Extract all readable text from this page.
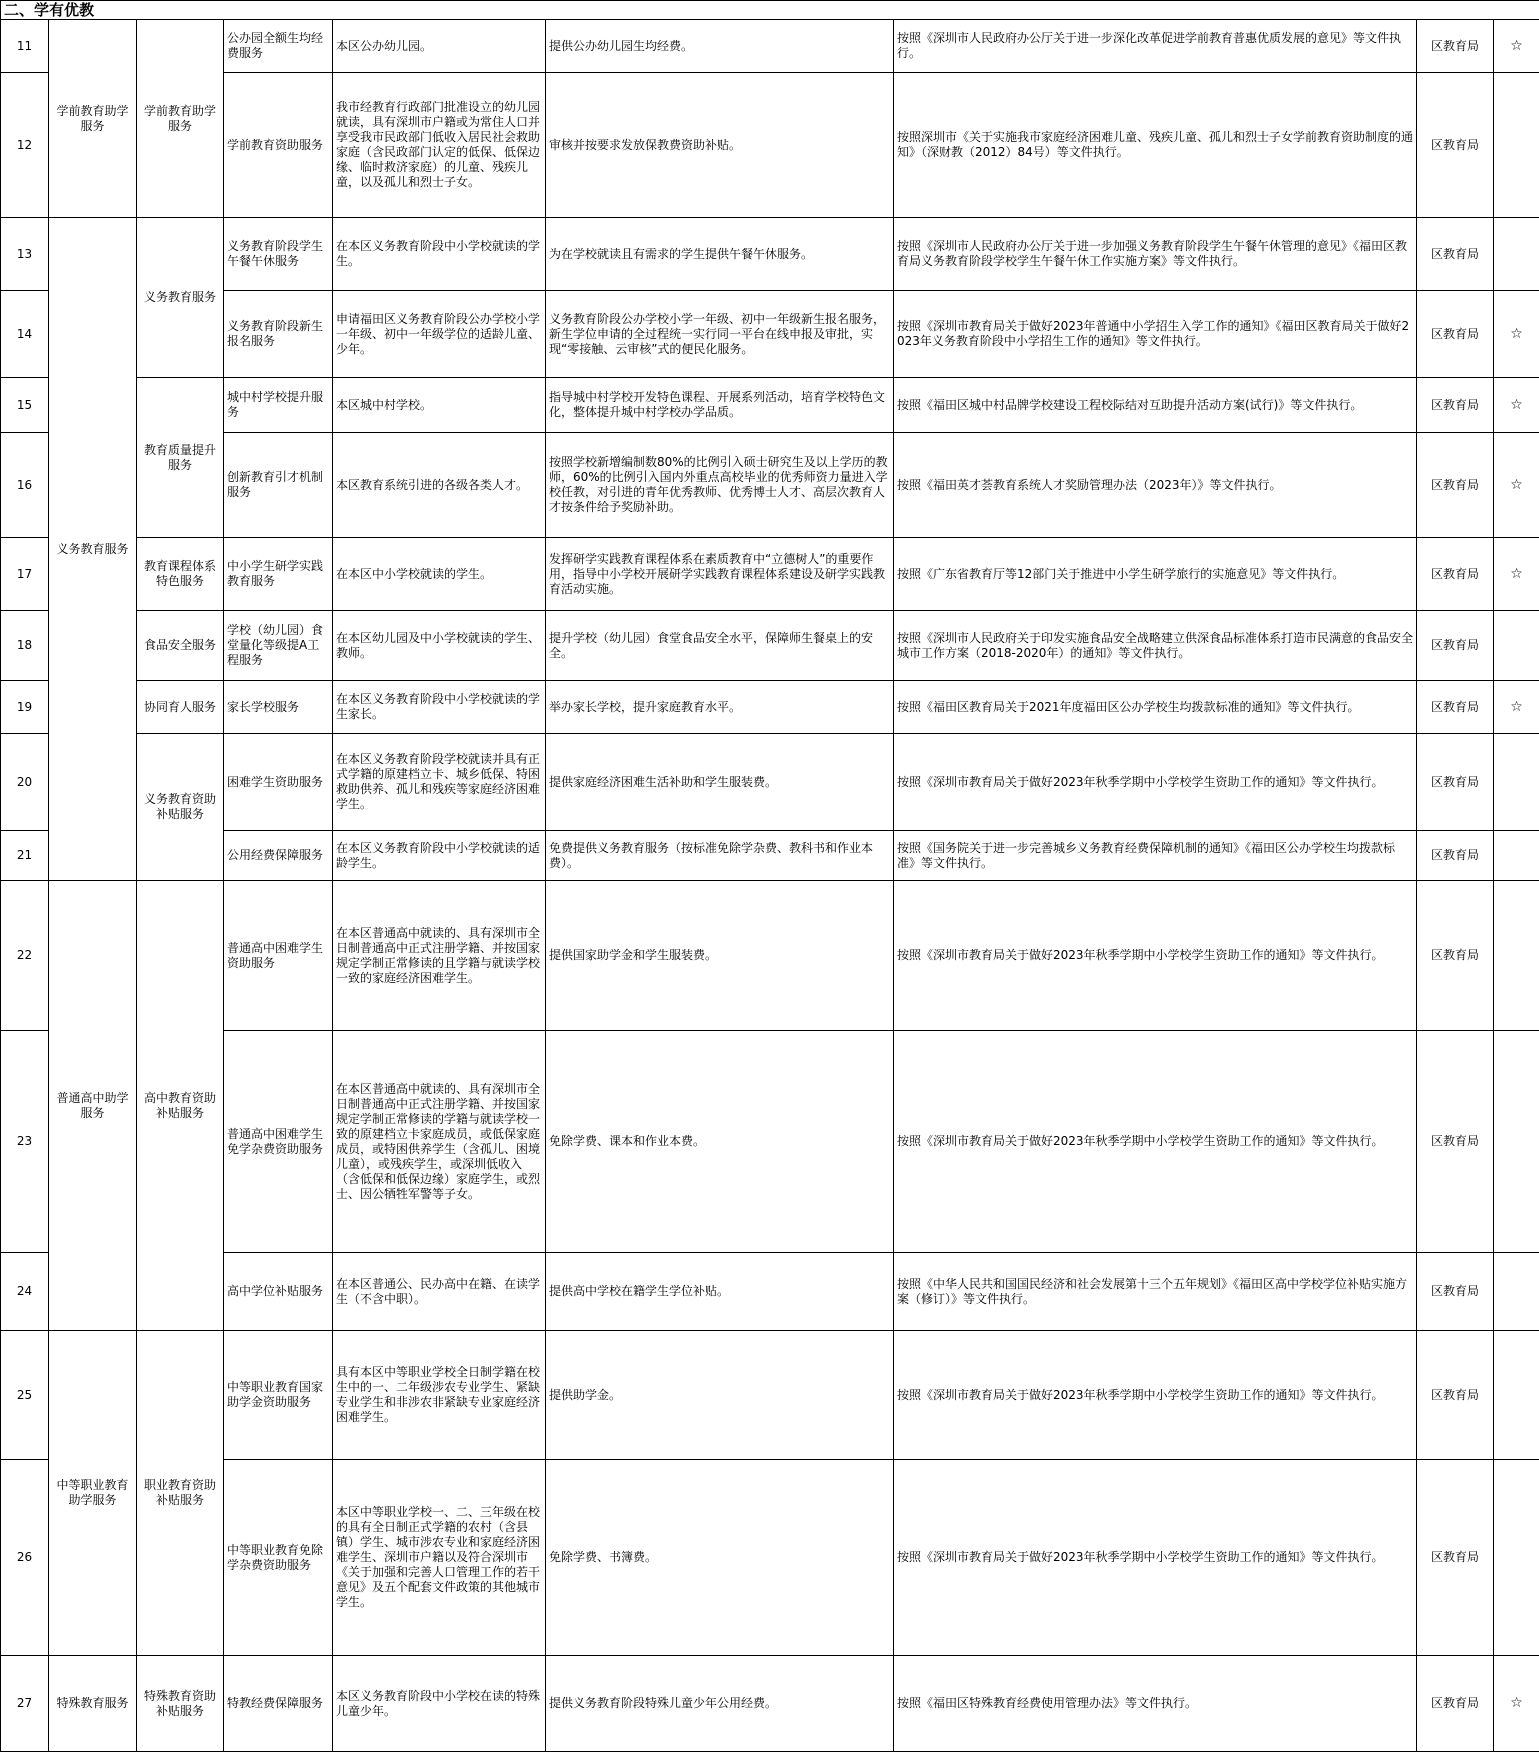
二、学有优教								
11	学前教育助学服务	学前教育助学服务	公办园全额生均经费服务	本区公办幼儿园。	提供公办幼儿园生均经费。	按照《深圳市人民政府办公厅关于进一步深化改革促进学前教育普惠优质发展的意见》等文件执行。	区教育局	☆
12			学前教育资助服务	我市经教育行政部门批准设立的幼儿园就读，具有深圳市户籍或为常住人口并享受我市民政部门低收入居民社会救助家庭（含民政部门认定的低保、低保边缘、临时救济家庭）的儿童、残疾儿童，以及孤儿和烈士子女。	审核并按要求发放保教费资助补贴。	按照深圳市《关于实施我市家庭经济困难儿童、残疾儿童、孤儿和烈士子女学前教育资助制度的通知》（深财教（2012）84号）等文件执行。	区教育局	
13	义务教育服务	义务教育服务	义务教育阶段学生午餐午休服务	在本区义务教育阶段中小学校就读的学生。	为在学校就读且有需求的学生提供午餐午休服务。	按照《深圳市人民政府办公厅关于进一步加强义务教育阶段学生午餐午休管理的意见》《福田区教育局义务教育阶段学校学生午餐午休工作实施方案》等文件执行。	区教育局	
14			义务教育阶段新生报名服务	申请福田区义务教育阶段公办学校小学一年级、初中一年级学位的适龄儿童、少年。	义务教育阶段公办学校小学一年级、初中一年级新生报名服务，新生学位申请的全过程统一实行同一平台在线申报及审批，实现“零接触、云审核”式的便民化服务。	按照《深圳市教育局关于做好2023年普通中小学招生入学工作的通知》《福田区教育局关于做好2023年义务教育阶段中小学招生工作的通知》等文件执行。	区教育局	☆
15		教育质量提升服务	城中村学校提升服务	本区城中村学校。	指导城中村学校开发特色课程、开展系列活动，培育学校特色文化，整体提升城中村学校办学品质。	按照《福田区城中村品牌学校建设工程校际结对互助提升活动方案(试行)》等文件执行。	区教育局	☆
16			创新教育引才机制服务	本区教育系统引进的各级各类人才。	按照学校新增编制数80%的比例引入硕士研究生及以上学历的教师，60%的比例引入国内外重点高校毕业的优秀师资力量进入学校任教，对引进的青年优秀教师、优秀博士人才、高层次教育人才按条件给予奖励补助。	按照《福田英才荟教育系统人才奖励管理办法（2023年）》等文件执行。	区教育局	☆
17		教育课程体系特色服务	中小学生研学实践教育服务	在本区中小学校就读的学生。	发挥研学实践教育课程体系在素质教育中“立德树人”的重要作用，指导中小学校开展研学实践教育课程体系建设及研学实践教育活动实施。	按照《广东省教育厅等12部门关于推进中小学生研学旅行的实施意见》等文件执行。	区教育局	☆
18		食品安全服务	学校（幼儿园）食堂量化等级提A工程服务	在本区幼儿园及中小学校就读的学生、教师。	提升学校（幼儿园）食堂食品安全水平，保障师生餐桌上的安全。	按照《深圳市人民政府关于印发实施食品安全战略建立供深食品标准体系打造市民满意的食品安全城市工作方案（2018-2020年）的通知》等文件执行。	区教育局	
19		协同育人服务	家长学校服务	在本区义务教育阶段中小学校就读的学生家长。	举办家长学校，提升家庭教育水平。	按照《福田区教育局关于2021年度福田区公办学校生均拨款标准的通知》等文件执行。	区教育局	☆
20		义务教育资助补贴服务	困难学生资助服务	在本区义务教育阶段学校就读并具有正式学籍的原建档立卡、城乡低保、特困救助供养、孤儿和残疾等家庭经济困难学生。	提供家庭经济困难生活补助和学生服装费。	按照《深圳市教育局关于做好2023年秋季学期中小学校学生资助工作的通知》等文件执行。	区教育局	
21			公用经费保障服务	在本区义务教育阶段中小学校就读的适龄学生。	免费提供义务教育服务（按标准免除学杂费、教科书和作业本费）。	按照《国务院关于进一步完善城乡义务教育经费保障机制的通知》《福田区公办学校生均拨款标准》等文件执行。	区教育局	
22	普通高中助学服务	高中教育资助补贴服务	普通高中困难学生资助服务	在本区普通高中就读的、具有深圳市全日制普通高中正式注册学籍、并按国家规定学制正常修读的且学籍与就读学校一致的家庭经济困难学生。	提供国家助学金和学生服装费。	按照《深圳市教育局关于做好2023年秋季学期中小学校学生资助工作的通知》等文件执行。	区教育局	
23			普通高中困难学生免学杂费资助服务	在本区普通高中就读的、具有深圳市全日制普通高中正式注册学籍、并按国家规定学制正常修读的学籍与就读学校一致的原建档立卡家庭成员，或低保家庭成员，或特困供养学生（含孤儿、困境儿童），或残疾学生，或深圳低收入（含低保和低保边缘）家庭学生，或烈士、因公牺牲军警等子女。	免除学费、课本和作业本费。	按照《深圳市教育局关于做好2023年秋季学期中小学校学生资助工作的通知》等文件执行。	区教育局	
24			高中学位补贴服务	在本区普通公、民办高中在籍、在读学生（不含中职）。	提供高中学校在籍学生学位补贴。	按照《中华人民共和国国民经济和社会发展第十三个五年规划》《福田区高中学校学位补贴实施方案（修订）》等文件执行。	区教育局	
25	中等职业教育助学服务	职业教育资助补贴服务	中等职业教育国家助学金资助服务	具有本区中等职业学校全日制学籍在校生中的一、二年级涉农专业学生、紧缺专业学生和非涉农非紧缺专业家庭经济困难学生。	提供助学金。	按照《深圳市教育局关于做好2023年秋季学期中小学校学生资助工作的通知》等文件执行。	区教育局	
26			中等职业教育免除学杂费资助服务	本区中等职业学校一、二、三年级在校的具有全日制正式学籍的农村（含县镇）学生、城市涉农专业和家庭经济困难学生、深圳市户籍以及符合深圳市《关于加强和完善人口管理工作的若干意见》及五个配套文件政策的其他城市学生。	免除学费、书簿费。	按照《深圳市教育局关于做好2023年秋季学期中小学校学生资助工作的通知》等文件执行。	区教育局	
27	特殊教育服务	特殊教育资助补贴服务	特教经费保障服务	本区义务教育阶段中小学校在读的特殊儿童少年。	提供义务教育阶段特殊儿童少年公用经费。	按照《福田区特殊教育经费使用管理办法》等文件执行。	区教育局	☆
